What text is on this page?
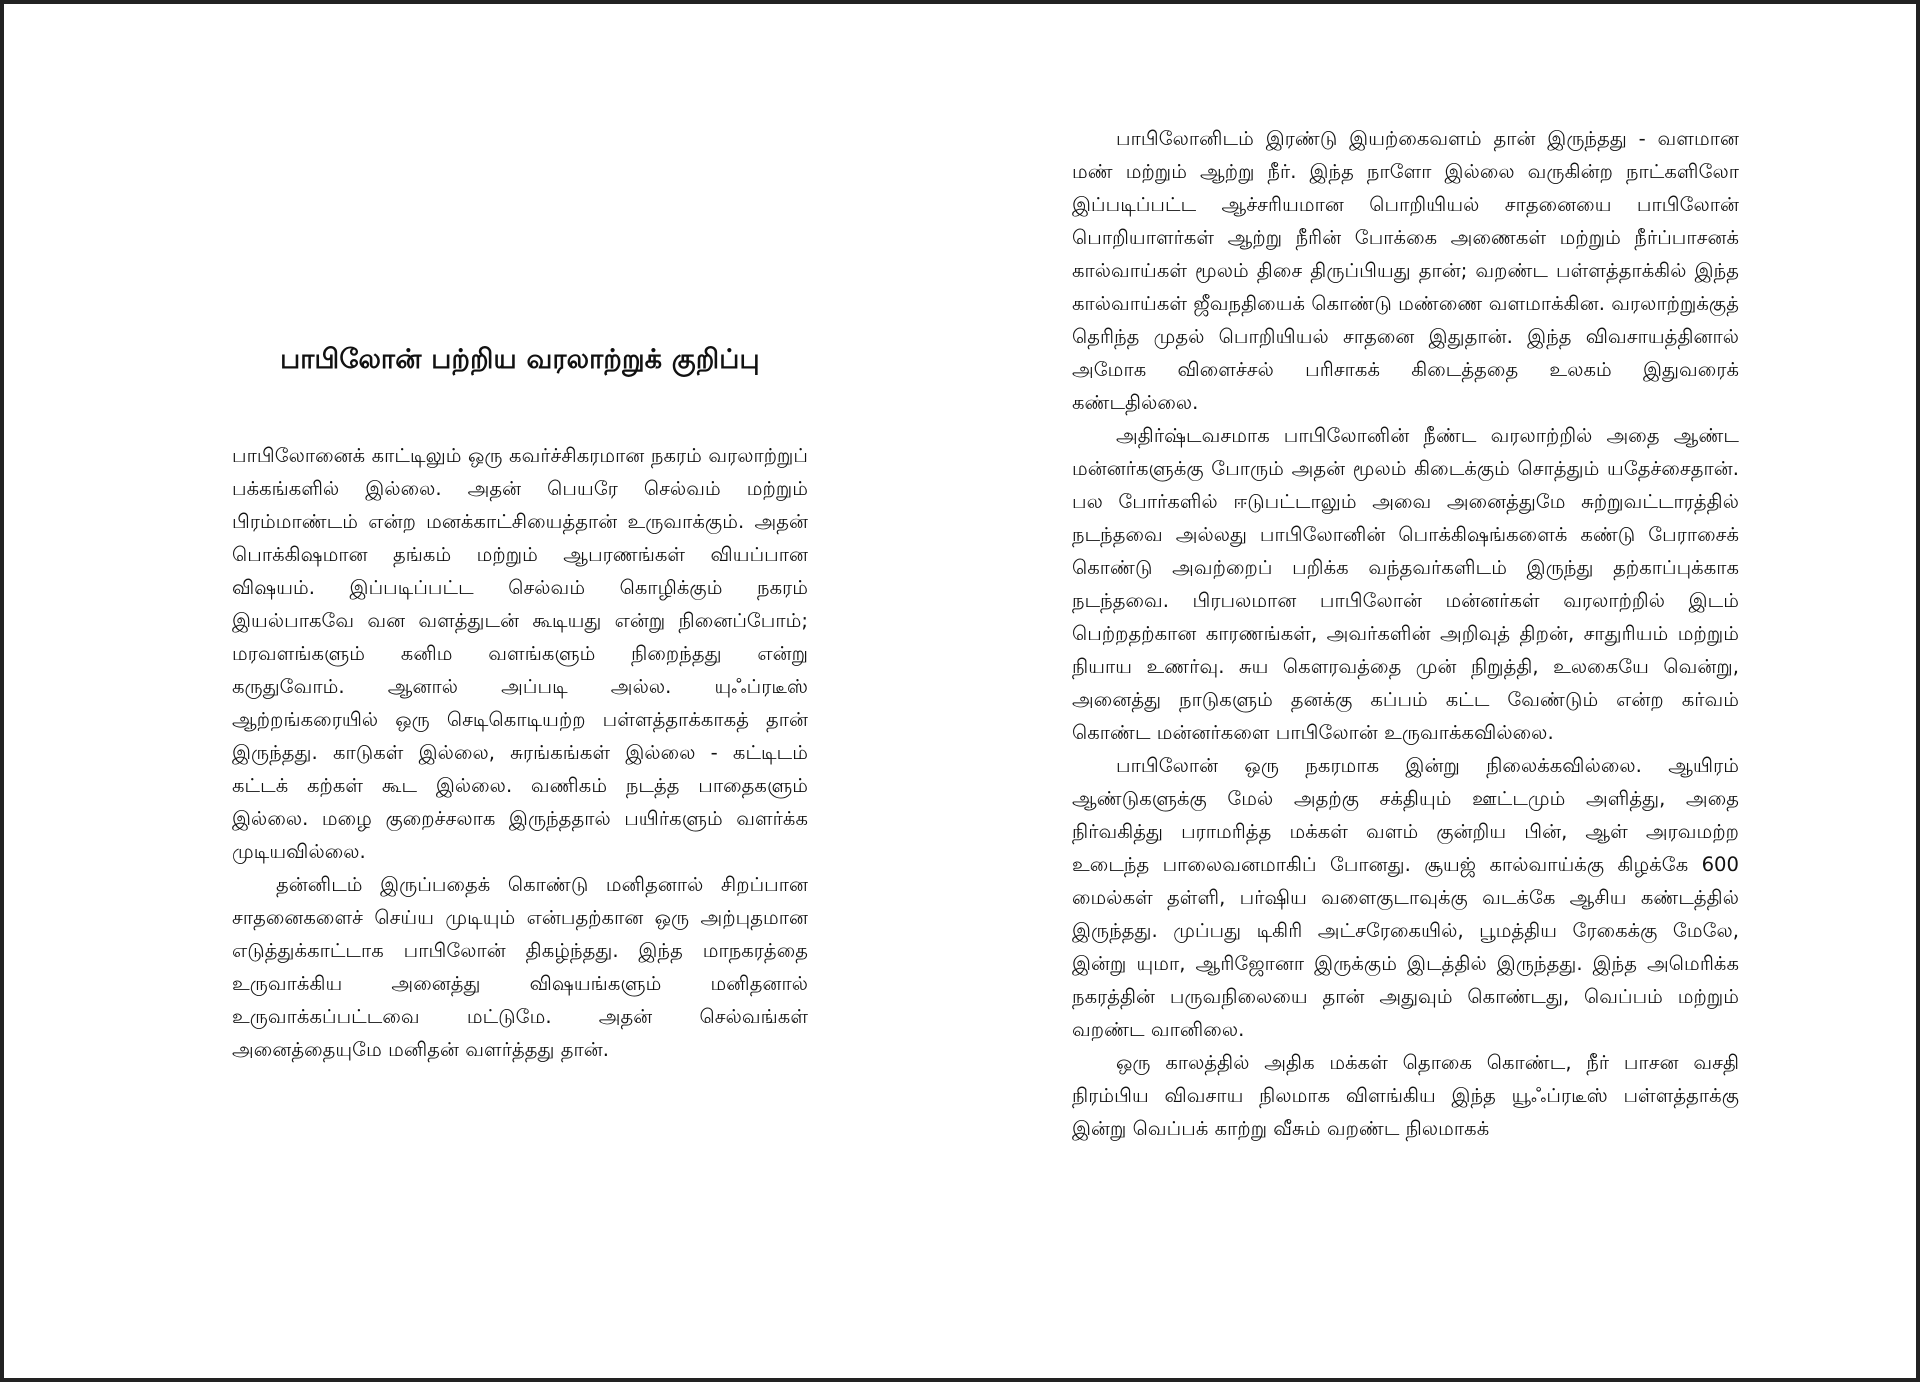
பாபிலோன் பற்றிய வரலாற்றுக் குறிப்பு

பாபிலோனைக் காட்டிலும் ஒரு கவர்ச்சிகரமான நகரம் வரலாற்றுப் பக்கங்களில் இல்லை. அதன் பெயரே செல்வம் மற்றும் பிரம்மாண்டம் என்ற மனக்காட்சியைத்தான் உருவாக்கும். அதன் பொக்கிஷமான தங்கம் மற்றும் ஆபரணங்கள் வியப்பான விஷயம். இப்படிப்பட்ட செல்வம் கொழிக்கும் நகரம் இயல்பாகவே வன வளத்துடன் கூடியது என்று நினைப்போம்; மரவளங்களும் கனிம வளங்களும் நிறைந்தது என்று கருதுவோம். ஆனால் அப்படி அல்ல. யுஃப்ரடீஸ் ஆற்றங்கரையில் ஒரு செடிகொடியற்ற பள்ளத்தாக்காகத் தான் இருந்தது. காடுகள் இல்லை, சுரங்கங்கள் இல்லை - கட்டிடம் கட்டக் கற்கள் கூட இல்லை. வணிகம் நடத்த பாதைகளும் இல்லை. மழை குறைச்சலாக இருந்ததால் பயிர்களும் வளர்க்க முடியவில்லை.

தன்னிடம் இருப்பதைக் கொண்டு மனிதனால் சிறப்பான சாதனைகளைச் செய்ய முடியும் என்பதற்கான ஒரு அற்புதமான எடுத்துக்காட்டாக பாபிலோன் திகழ்ந்தது. இந்த மாநகரத்தை உருவாக்கிய அனைத்து விஷயங்களும் மனிதனால் உருவாக்கப்பட்டவை மட்டுமே. அதன் செல்வங்கள் அனைத்தையுமே மனிதன் வளர்த்தது தான்.

பாபிலோனிடம் இரண்டு இயற்கைவளம் தான் இருந்தது - வளமான மண் மற்றும் ஆற்று நீர். இந்த நாளோ இல்லை வருகின்ற நாட்களிலோ இப்படிப்பட்ட ஆச்சரியமான பொறியியல் சாதனையை பாபிலோன் பொறியாளர்கள் ஆற்று நீரின் போக்கை அணைகள் மற்றும் நீர்ப்பாசனக் கால்வாய்கள் மூலம் திசை திருப்பியது தான்; வறண்ட பள்ளத்தாக்கில் இந்த கால்வாய்கள் ஜீவநதியைக் கொண்டு மண்ணை வளமாக்கின. வரலாற்றுக்குத் தெரிந்த முதல் பொறியியல் சாதனை இதுதான். இந்த விவசாயத்தினால் அமோக விளைச்சல் பரிசாகக் கிடைத்ததை உலகம் இதுவரைக் கண்டதில்லை.

அதிர்ஷ்டவசமாக பாபிலோனின் நீண்ட வரலாற்றில் அதை ஆண்ட மன்னர்களுக்கு போரும் அதன் மூலம் கிடைக்கும் சொத்தும் யதேச்சைதான். பல போர்களில் ஈடுபட்டாலும் அவை அனைத்துமே சுற்றுவட்டாரத்தில் நடந்தவை அல்லது பாபிலோனின் பொக்கிஷங்களைக் கண்டு பேராசைக் கொண்டு அவற்றைப் பறிக்க வந்தவர்களிடம் இருந்து தற்காப்புக்காக நடந்தவை. பிரபலமான பாபிலோன் மன்னர்கள் வரலாற்றில் இடம் பெற்றதற்கான காரணங்கள், அவர்களின் அறிவுத் திறன், சாதுரியம் மற்றும் நியாய உணர்வு. சுய கௌரவத்தை முன் நிறுத்தி, உலகையே வென்று, அனைத்து நாடுகளும் தனக்கு கப்பம் கட்ட வேண்டும் என்ற கர்வம் கொண்ட மன்னர்களை பாபிலோன் உருவாக்கவில்லை.

பாபிலோன் ஒரு நகரமாக இன்று நிலைக்கவில்லை. ஆயிரம் ஆண்டுகளுக்கு மேல் அதற்கு சக்தியும் ஊட்டமும் அளித்து, அதை நிர்வகித்து பராமரித்த மக்கள் வளம் குன்றிய பின், ஆள் அரவமற்ற உடைந்த பாலைவனமாகிப் போனது. சூயஜ் கால்வாய்க்கு கிழக்கே 600 மைல்கள் தள்ளி, பர்ஷிய வளைகுடாவுக்கு வடக்கே ஆசிய கண்டத்தில் இருந்தது. முப்பது டிகிரி அட்சரேகையில், பூமத்திய ரேகைக்கு மேலே, இன்று யுமா, ஆரிஜோனா இருக்கும் இடத்தில் இருந்தது. இந்த அமெரிக்க நகரத்தின் பருவநிலையை தான் அதுவும் கொண்டது, வெப்பம் மற்றும் வறண்ட வானிலை.

ஒரு காலத்தில் அதிக மக்கள் தொகை கொண்ட, நீர் பாசன வசதி நிரம்பிய விவசாய நிலமாக விளங்கிய இந்த யூஃப்ரடீஸ் பள்ளத்தாக்கு இன்று வெப்பக் காற்று வீசும் வறண்ட நிலமாகக்
